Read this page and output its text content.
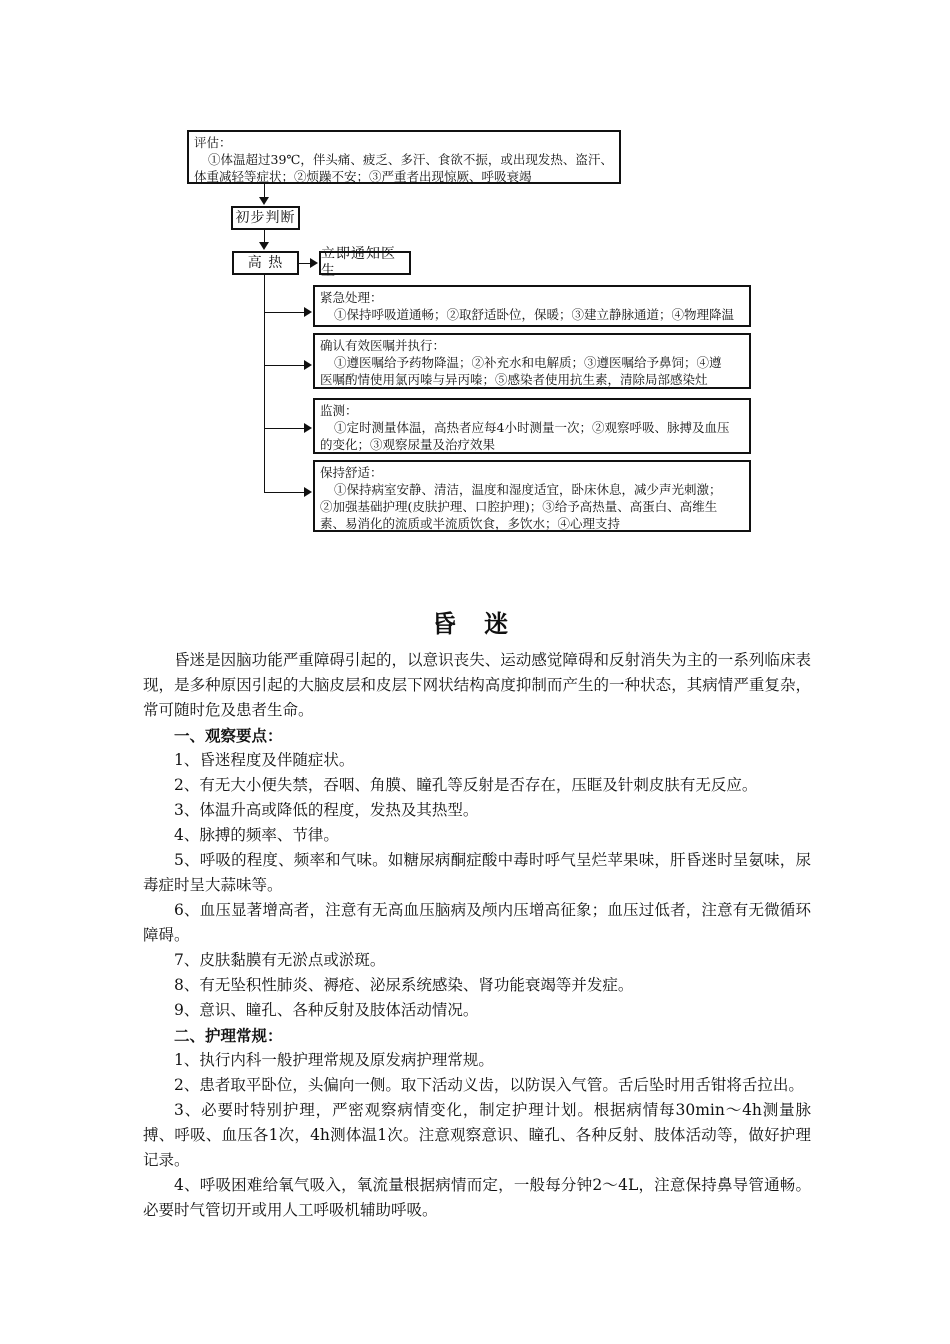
评估：
①体温超过39℃，伴头痛、疲乏、多汗、食欲不振，或出现发热、盗汗、
体重减轻等症状；②烦躁不安；③严重者出现惊厥、呼吸衰竭
初步判断
高 热
立即通知医生
紧急处理：
①保持呼吸道通畅；②取舒适卧位，保暖；③建立静脉通道；④物理降温
确认有效医嘱并执行：
①遵医嘱给予药物降温；②补充水和电解质；③遵医嘱给予鼻饲；④遵
医嘱酌情使用氯丙嗪与异丙嗪；⑤感染者使用抗生素，清除局部感染灶
监测：
①定时测量体温，高热者应每4小时测量一次；②观察呼吸、脉搏及血压
的变化；③观察尿量及治疗效果
保持舒适：
①保持病室安静、清洁，温度和湿度适宜，卧床休息，减少声光刺激；
②加强基础护理(皮肤护理、口腔护理)；③给予高热量、高蛋白、高维生
素、易消化的流质或半流质饮食，多饮水；④心理支持
昏 迷

昏迷是因脑功能严重障碍引起的，以意识丧失、运动感觉障碍和反射消失为主的一系列临床表现，是多种原因引起的大脑皮层和皮层下网状结构高度抑制而产生的一种状态，其病情严重复杂，常可随时危及患者生命。

一、观察要点：

1、昏迷程度及伴随症状。

2、有无大小便失禁，吞咽、角膜、瞳孔等反射是否存在，压眶及针刺皮肤有无反应。

3、体温升高或降低的程度，发热及其热型。

4、脉搏的频率、节律。

5、呼吸的程度、频率和气味。如糖尿病酮症酸中毒时呼气呈烂苹果味，肝昏迷时呈氨味，尿毒症时呈大蒜味等。

6、血压显著增高者，注意有无高血压脑病及颅内压增高征象；血压过低者，注意有无微循环障碍。

7、皮肤黏膜有无淤点或淤斑。

8、有无坠积性肺炎、褥疮、泌尿系统感染、肾功能衰竭等并发症。

9、意识、瞳孔、各种反射及肢体活动情况。

二、护理常规：

1、执行内科一般护理常规及原发病护理常规。

2、患者取平卧位，头偏向一侧。取下活动义齿，以防误入气管。舌后坠时用舌钳将舌拉出。

3、必要时特别护理，严密观察病情变化，制定护理计划。根据病情每30min～4h测量脉搏、呼吸、血压各1次，4h测体温1次。注意观察意识、瞳孔、各种反射、肢体活动等，做好护理记录。

4、呼吸困难给氧气吸入，氧流量根据病情而定，一般每分钟2～4L，注意保持鼻导管通畅。必要时气管切开或用人工呼吸机辅助呼吸。
